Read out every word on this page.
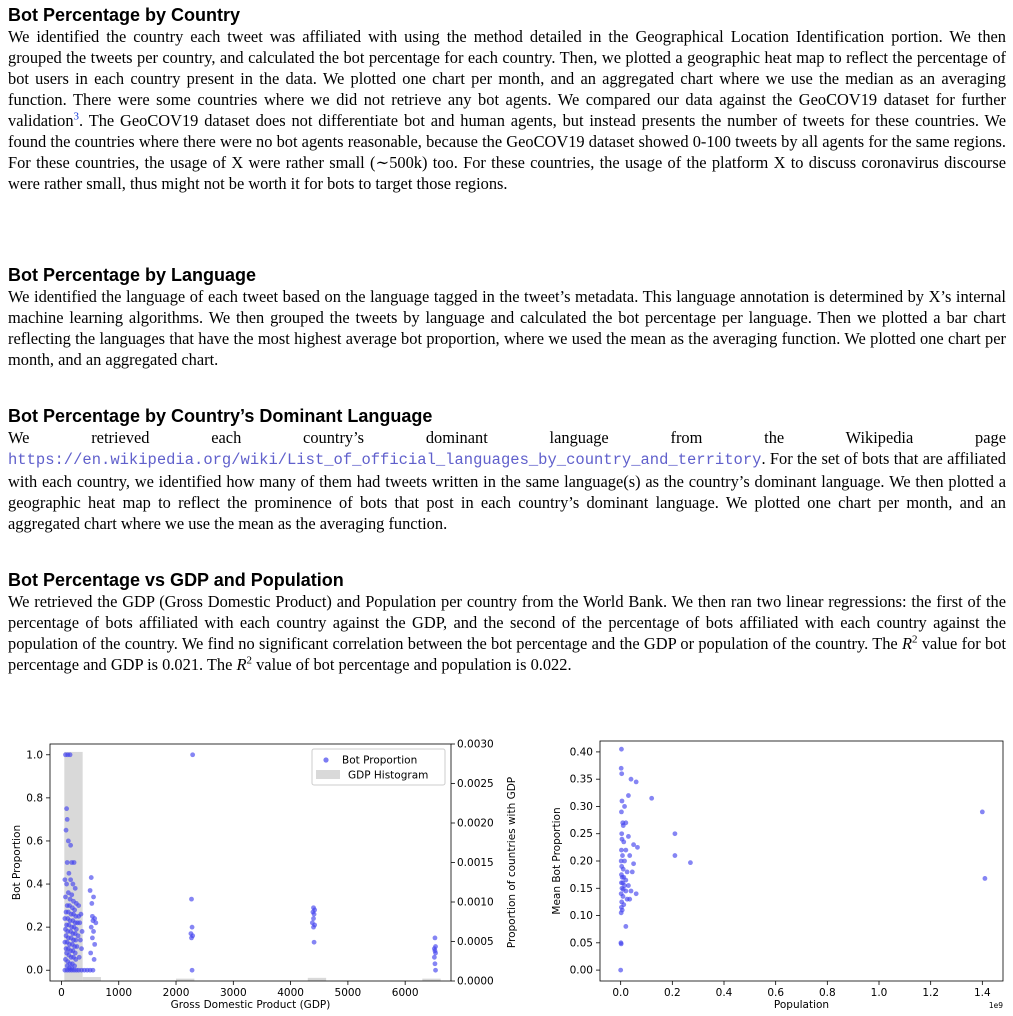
Bot Percentage by Country

We identified the country each tweet was affiliated with using the method detailed in the Geographical Location Identification portion. We then grouped the tweets per country, and calculated the bot percentage for each country. Then, we plotted a geographic heat map to reflect the percentage of bot users in each country present in the data. We plotted one chart per month, and an aggregated chart where we use the median as an averaging function. There were some countries where we did not retrieve any bot agents. We compared our data against the GeoCOV19 dataset for further validation$^3$. The GeoCOV19 dataset does not differentiate bot and human agents, but instead presents the number of tweets for these countries. We found the countries where there were no bot agents reasonable, because the GeoCOV19 dataset showed 0-100 tweets by all agents for the same regions. For these countries, the usage of X were rather small (∼500k) too. For these countries, the usage of the platform X to discuss coronavirus discourse were rather small, thus might not be worth it for bots to target those regions.

Bot Percentage by Language

We identified the language of each tweet based on the language tagged in the tweet’s metadata. This language annotation is determined by X’s internal machine learning algorithms. We then grouped the tweets by language and calculated the bot percentage per language. Then we plotted a bar chart reflecting the languages that have the most highest average bot proportion, where we used the mean as the averaging function. We plotted one chart per month, and an aggregated chart.

Bot Percentage by Country’s Dominant Language

We retrieved each country’s dominant language from the Wikipedia page https://en.wikipedia.org/wiki/List_of_official_languages_by_country_and_territory. For the set of bots that are affiliated with each country, we identified how many of them had tweets written in the same language(s) as the country’s dominant language. We then plotted a geographic heat map to reflect the prominence of bots that post in each country’s dominant language. We plotted one chart per month, and an aggregated chart where we use the mean as the averaging function.

Bot Percentage vs GDP and Population

We retrieved the GDP (Gross Domestic Product) and Population per country from the World Bank. We then ran two linear regressions: the first of the percentage of bots affiliated with each country against the GDP, and the second of the percentage of bots affiliated with each country against the population of the country. We find no significant correlation between the bot percentage and the GDP or population of the country. The $R^2$ value for bot percentage and GDP is 0.021. The $R^2$ value of bot percentage and population is 0.022.

0	1000	2000	3000	4000	5000	6000
0.0
0.2
0.4
0.6
0.8
1.0
0.0000
0.0005
0.0010
0.0015
0.0020
0.0025
0.0030
Gross Domestic Product (GDP)
Bot Proportion	Proportion of countries with GDP
Bot Proportion
GDP Histogram
0.0	0.2	0.4	0.6	0.8	1.0	1.2	1.4
0.00
0.05
0.10
0.15
0.20
0.25
0.30
0.35
0.40
Population	1e9
Mean Bot Proportion
